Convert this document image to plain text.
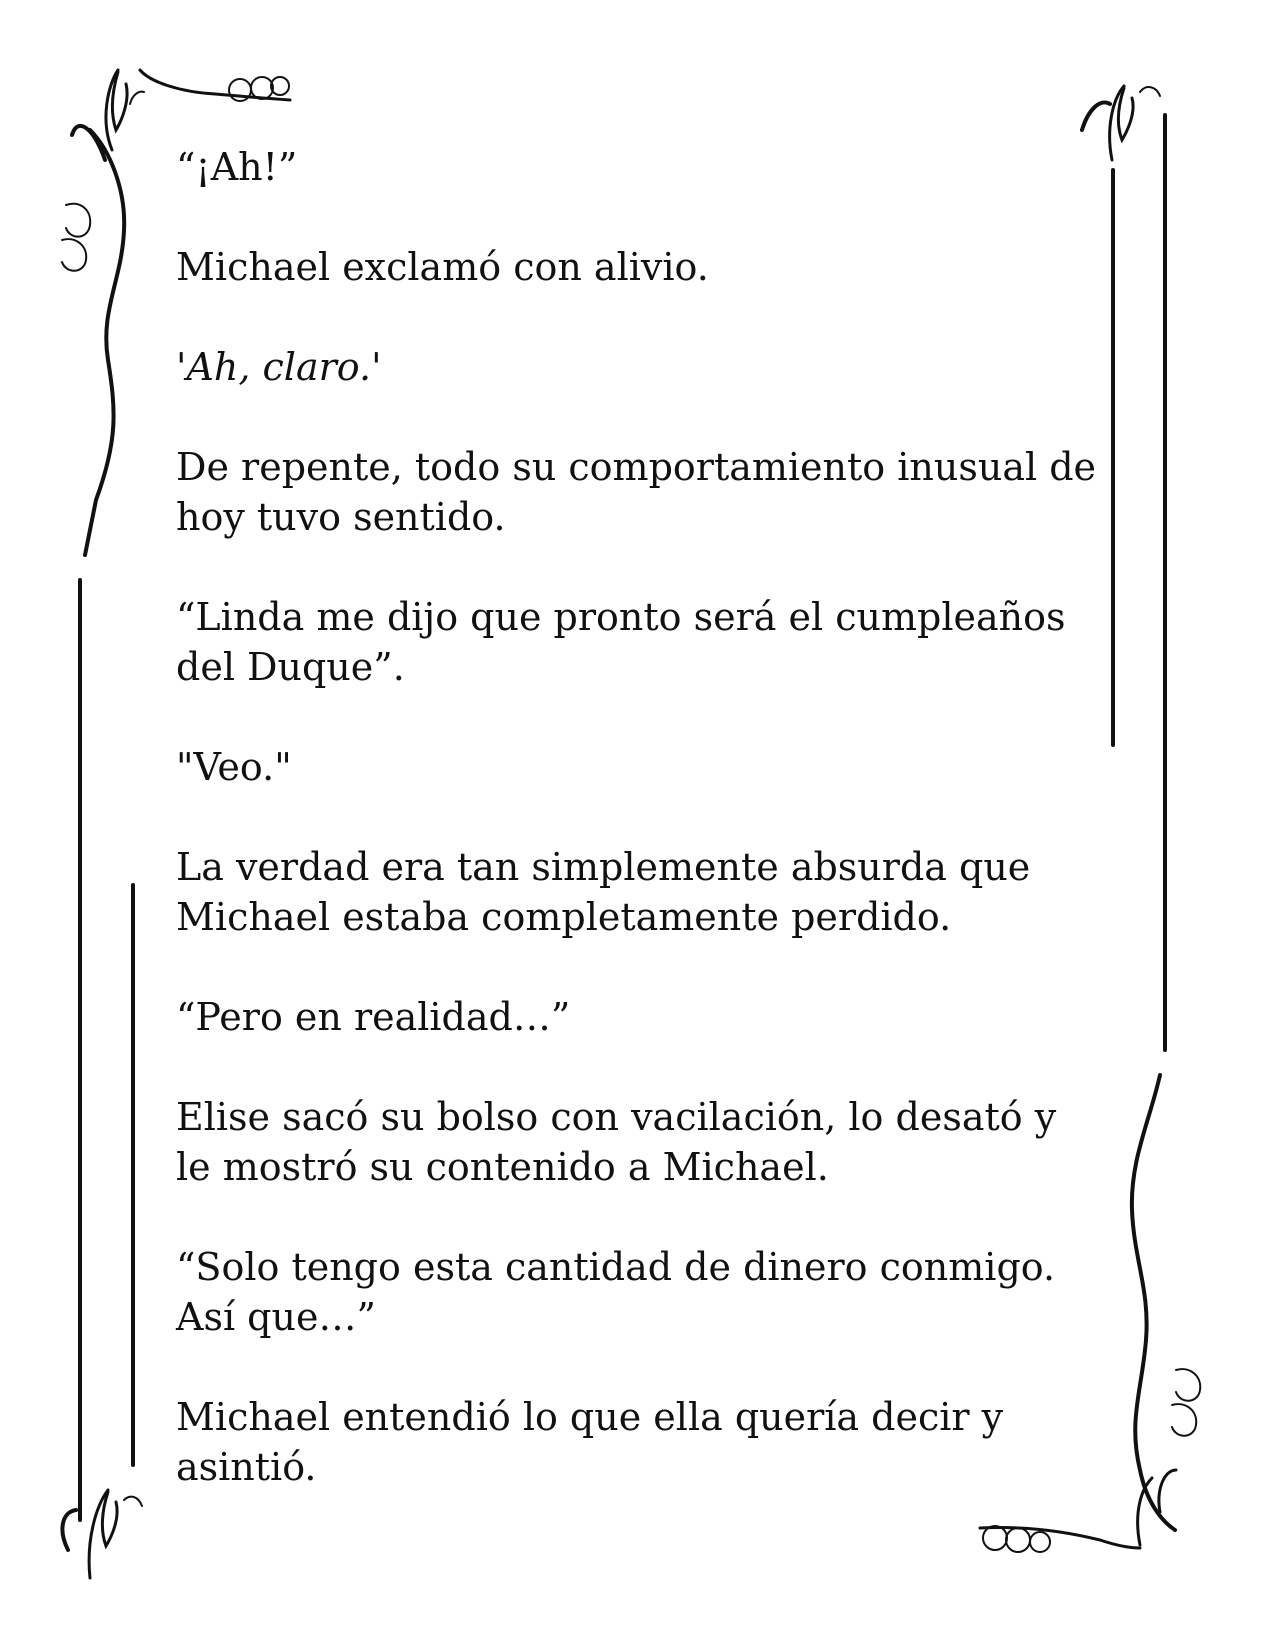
“¡Ah!”

Michael exclamó con alivio.

'Ah, claro.'

De repente, todo su comportamiento inusual de hoy tuvo sentido.

“Linda me dijo que pronto será el cumpleaños del Duque”.

"Veo."

La verdad era tan simplemente absurda que Michael estaba completamente perdido.

“Pero en realidad…”

Elise sacó su bolso con vacilación, lo desató y le mostró su contenido a Michael.

“Solo tengo esta cantidad de dinero conmigo. Así que…”

Michael entendió lo que ella quería decir y asintió.
